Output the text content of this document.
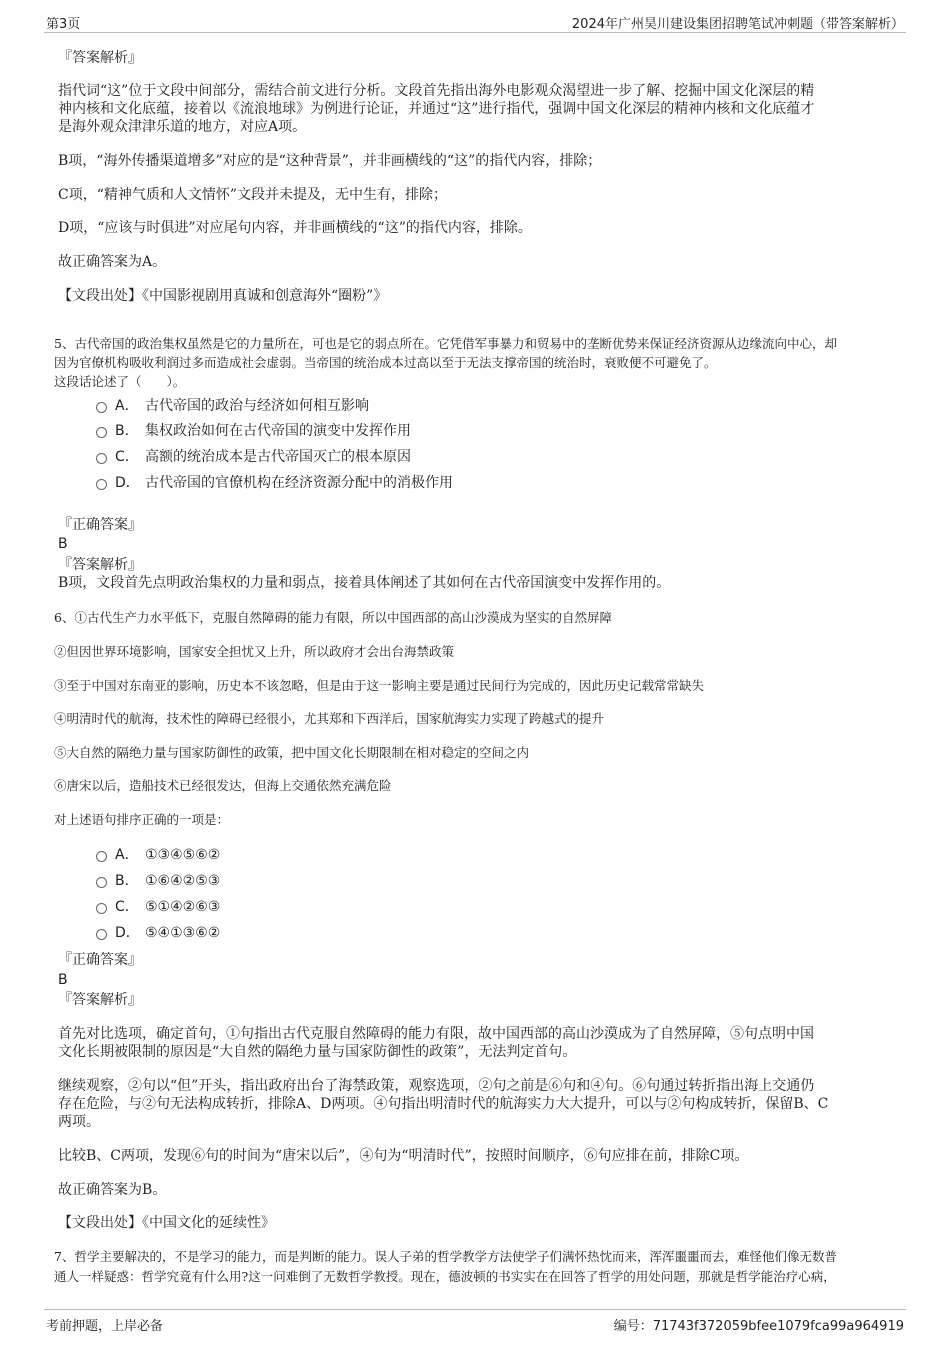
第3页	2024年广州昊川建设集团招聘笔试冲刺题（带答案解析）
『答案解析』
指代词“这”位于文段中间部分，需结合前文进行分析。文段首先指出海外电影观众渴望进一步了解、挖掘中国文化深层的精
神内核和文化底蕴，接着以《流浪地球》为例进行论证，并通过“这”进行指代，强调中国文化深层的精神内核和文化底蕴才
是海外观众津津乐道的地方，对应A项。
B项，“海外传播渠道增多”对应的是“这种背景”，并非画横线的“这”的指代内容，排除；
C项，“精神气质和人文情怀”文段并未提及，无中生有，排除；
D项，“应该与时俱进”对应尾句内容，并非画横线的“这”的指代内容，排除。
故正确答案为A。
【文段出处】《中国影视剧用真诚和创意海外“圈粉”》
5、古代帝国的政治集权虽然是它的力量所在，可也是它的弱点所在。它凭借军事暴力和贸易中的垄断优势来保证经济资源从边缘流向中心，却
因为官僚机构吸收利润过多而造成社会虚弱。当帝国的统治成本过高以至于无法支撑帝国的统治时，衰败便不可避免了。
这段话论述了（　　）。
A． 古代帝国的政治与经济如何相互影响
B． 集权政治如何在古代帝国的演变中发挥作用
C． 高额的统治成本是古代帝国灭亡的根本原因
D． 古代帝国的官僚机构在经济资源分配中的消极作用
『正确答案』
B
『答案解析』
B项，文段首先点明政治集权的力量和弱点，接着具体阐述了其如何在古代帝国演变中发挥作用的。
6、①古代生产力水平低下，克服自然障碍的能力有限，所以中国西部的高山沙漠成为坚实的自然屏障
②但因世界环境影响，国家安全担忧又上升，所以政府才会出台海禁政策
③至于中国对东南亚的影响，历史本不该忽略，但是由于这一影响主要是通过民间行为完成的，因此历史记载常常缺失
④明清时代的航海，技术性的障碍已经很小，尤其郑和下西洋后，国家航海实力实现了跨越式的提升
⑤大自然的隔绝力量与国家防御性的政策，把中国文化长期限制在相对稳定的空间之内
⑥唐宋以后，造船技术已经很发达，但海上交通依然充满危险
对上述语句排序正确的一项是：
A． ①③④⑤⑥②
B． ①⑥④②⑤③
C． ⑤①④②⑥③
D． ⑤④①③⑥②
『正确答案』
B
『答案解析』
首先对比选项，确定首句，①句指出古代克服自然障碍的能力有限，故中国西部的高山沙漠成为了自然屏障，⑤句点明中国
文化长期被限制的原因是“大自然的隔绝力量与国家防御性的政策”，无法判定首句。
继续观察，②句以“但”开头，指出政府出台了海禁政策，观察选项，②句之前是⑥句和④句。⑥句通过转折指出海上交通仍
存在危险，与②句无法构成转折，排除A、D两项。④句指出明清时代的航海实力大大提升，可以与②句构成转折，保留B、C
两项。
比较B、C两项，发现⑥句的时间为“唐宋以后”，④句为“明清时代”，按照时间顺序，⑥句应排在前，排除C项。
故正确答案为B。
【文段出处】《中国文化的延续性》
7、哲学主要解决的，不是学习的能力，而是判断的能力。误人子弟的哲学教学方法使学子们满怀热忱而来，浑浑噩噩而去，难怪他们像无数普
通人一样疑惑：哲学究竟有什么用?这一问难倒了无数哲学教授。现在，德波顿的书实实在在回答了哲学的用处问题，那就是哲学能治疗心病，
考前押题，上岸必备	编号：71743f372059bfee1079fca99a964919
